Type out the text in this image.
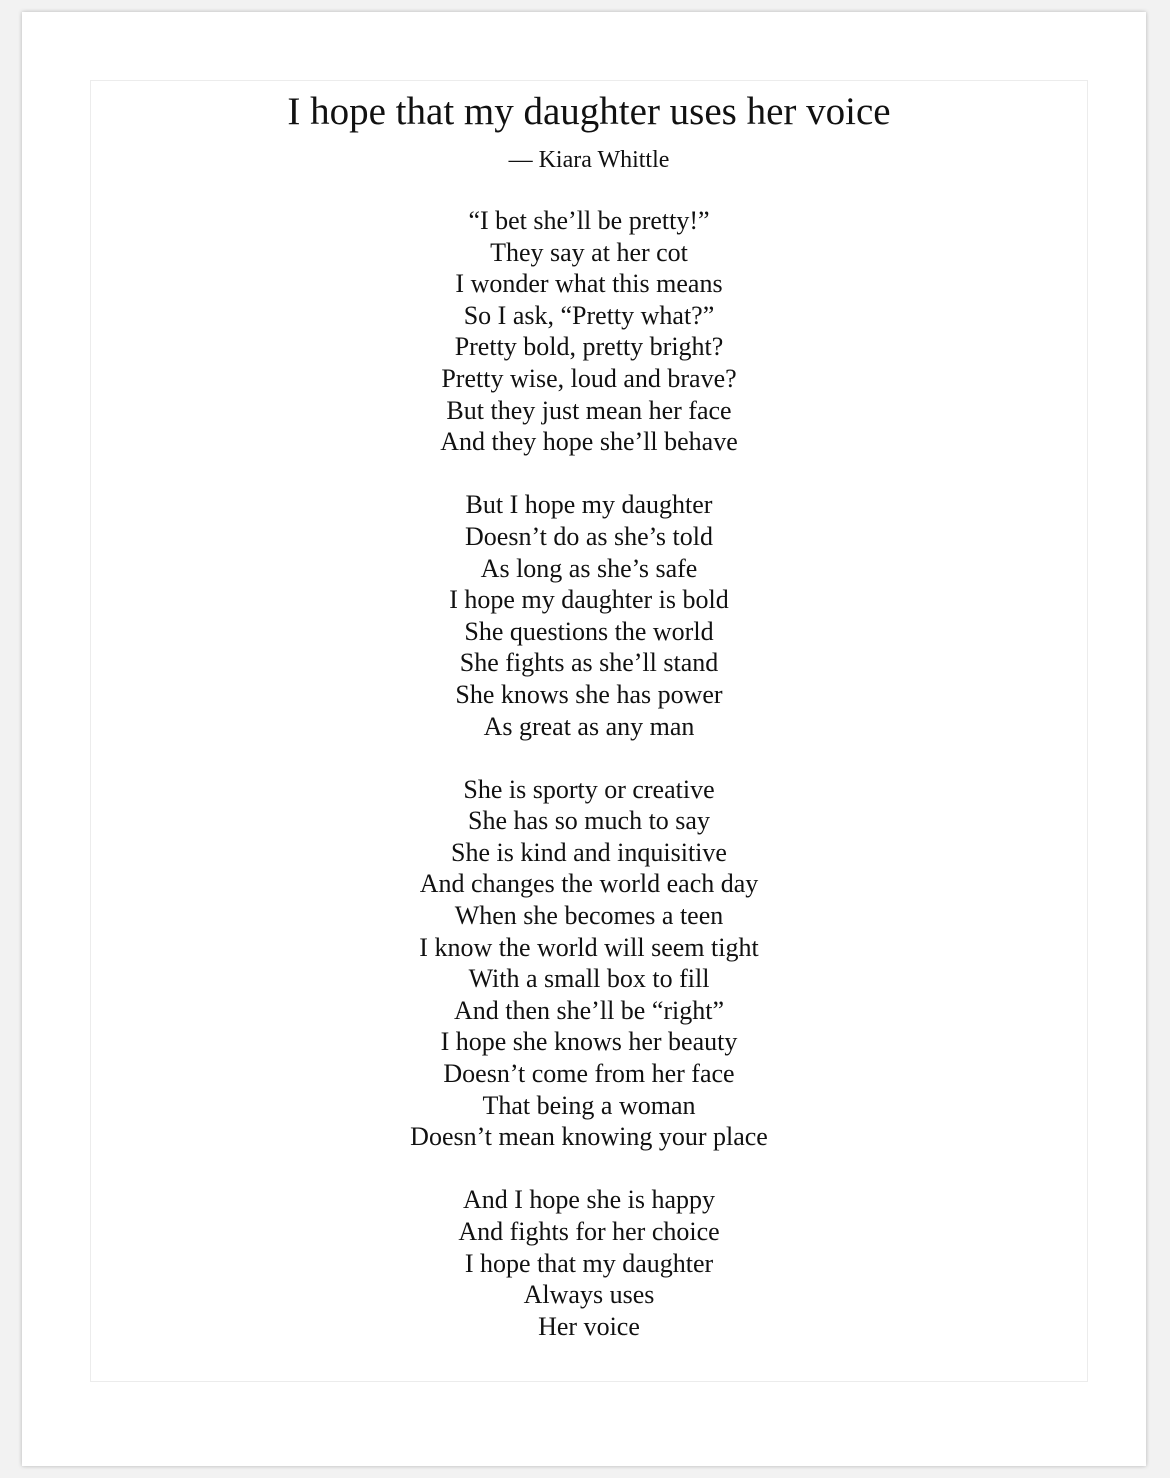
I hope that my daughter uses her voice
— Kiara Whittle
“I bet she’ll be pretty!”
They say at her cot
I wonder what this means
So I ask, “Pretty what?”
Pretty bold, pretty bright?
Pretty wise, loud and brave?
But they just mean her face
And they hope she’ll behave
But I hope my daughter
Doesn’t do as she’s told
As long as she’s safe
I hope my daughter is bold
She questions the world
She fights as she’ll stand
She knows she has power
As great as any man
She is sporty or creative
She has so much to say
She is kind and inquisitive
And changes the world each day
When she becomes a teen
I know the world will seem tight
With a small box to fill
And then she’ll be “right”
I hope she knows her beauty
Doesn’t come from her face
That being a woman
Doesn’t mean knowing your place
And I hope she is happy
And fights for her choice
I hope that my daughter
Always uses
Her voice
